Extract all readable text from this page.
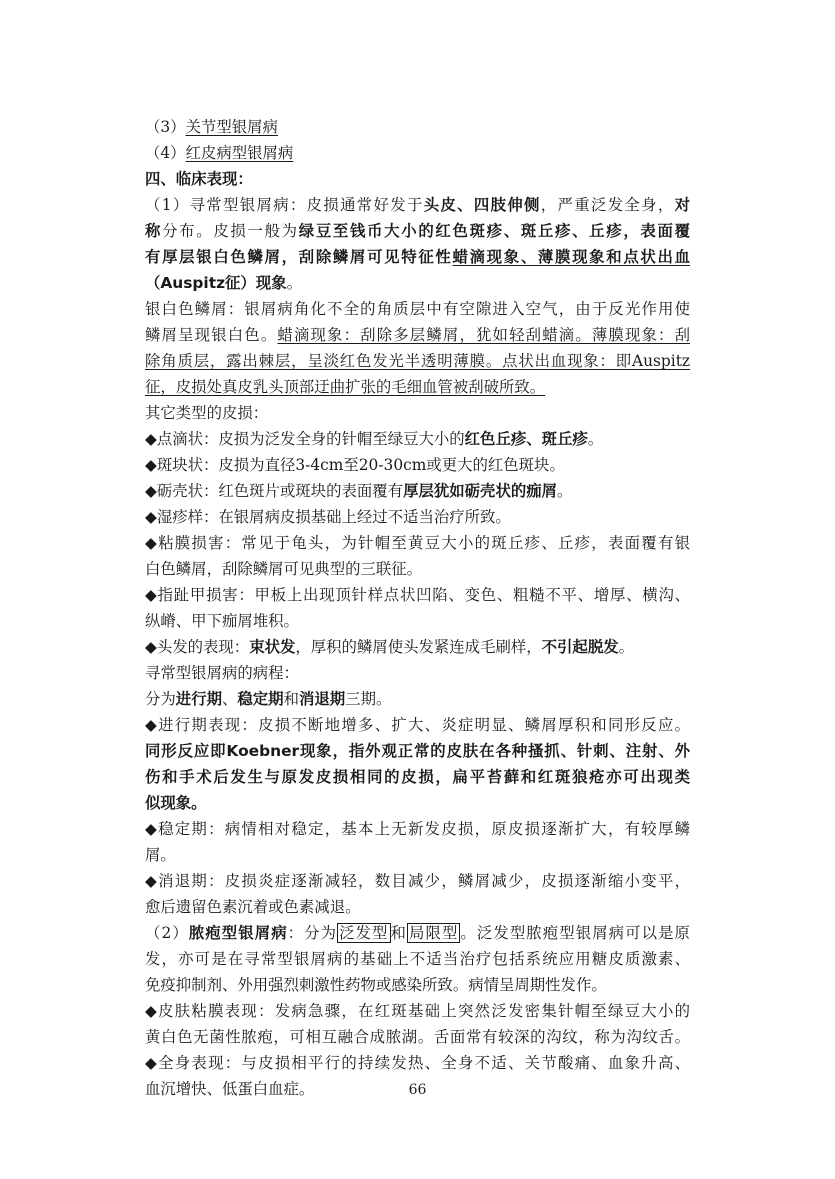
（3）关节型银屑病
（4）红皮病型银屑病
四、临床表现：
（1）寻常型银屑病：皮损通常好发于头皮、四肢伸侧，严重泛发全身，对
称分布。皮损一般为绿豆至钱币大小的红色斑疹、斑丘疹、丘疹，表面覆
有厚层银白色鳞屑，刮除鳞屑可见特征性蜡滴现象、薄膜现象和点状出血
（Auspitz征）现象。
银白色鳞屑：银屑病角化不全的角质层中有空隙进入空气，由于反光作用使
鳞屑呈现银白色。蜡滴现象：刮除多层鳞屑，犹如轻刮蜡滴。薄膜现象：刮
除角质层，露出棘层，呈淡红色发光半透明薄膜。点状出血现象：即Auspitz
征，皮损处真皮乳头顶部迂曲扩张的毛细血管被刮破所致。
其它类型的皮损：
◆点滴状：皮损为泛发全身的针帽至绿豆大小的红色丘疹、斑丘疹。
◆斑块状：皮损为直径3-4cm至20-30cm或更大的红色斑块。
◆砺壳状：红色斑片或斑块的表面覆有厚层犹如砺壳状的痂屑。
◆湿疹样：在银屑病皮损基础上经过不适当治疗所致。
◆粘膜损害：常见于龟头，为针帽至黄豆大小的斑丘疹、丘疹，表面覆有银
白色鳞屑，刮除鳞屑可见典型的三联征。
◆指趾甲损害：甲板上出现顶针样点状凹陷、变色、粗糙不平、增厚、横沟、
纵嵴、甲下痂屑堆积。
◆头发的表现：束状发，厚积的鳞屑使头发紧连成毛刷样，不引起脱发。
寻常型银屑病的病程：
分为进行期、稳定期和消退期三期。
◆进行期表现：皮损不断地增多、扩大、炎症明显、鳞屑厚积和同形反应。
同形反应即Koebner现象，指外观正常的皮肤在各种搔抓、针刺、注射、外
伤和手术后发生与原发皮损相同的皮损，扁平苔藓和红斑狼疮亦可出现类
似现象。
◆稳定期：病情相对稳定，基本上无新发皮损，原皮损逐渐扩大，有较厚鳞
屑。
◆消退期：皮损炎症逐渐减轻，数目减少，鳞屑减少，皮损逐渐缩小变平，
愈后遗留色素沉着或色素减退。
（2）脓疱型银屑病：分为 泛发型 和 局限型 。泛发型脓疱型银屑病可以是原
发，亦可是在寻常型银屑病的基础上不适当治疗包括系统应用糖皮质激素、
免疫抑制剂、外用强烈刺激性药物或感染所致。病情呈周期性发作。
◆皮肤粘膜表现：发病急骤，在红斑基础上突然泛发密集针帽至绿豆大小的
黄白色无菌性脓疱，可相互融合成脓湖。舌面常有较深的沟纹，称为沟纹舌。
◆全身表现：与皮损相平行的持续发热、全身不适、关节酸痛、血象升高、
血沉增快、低蛋白血症。	66
